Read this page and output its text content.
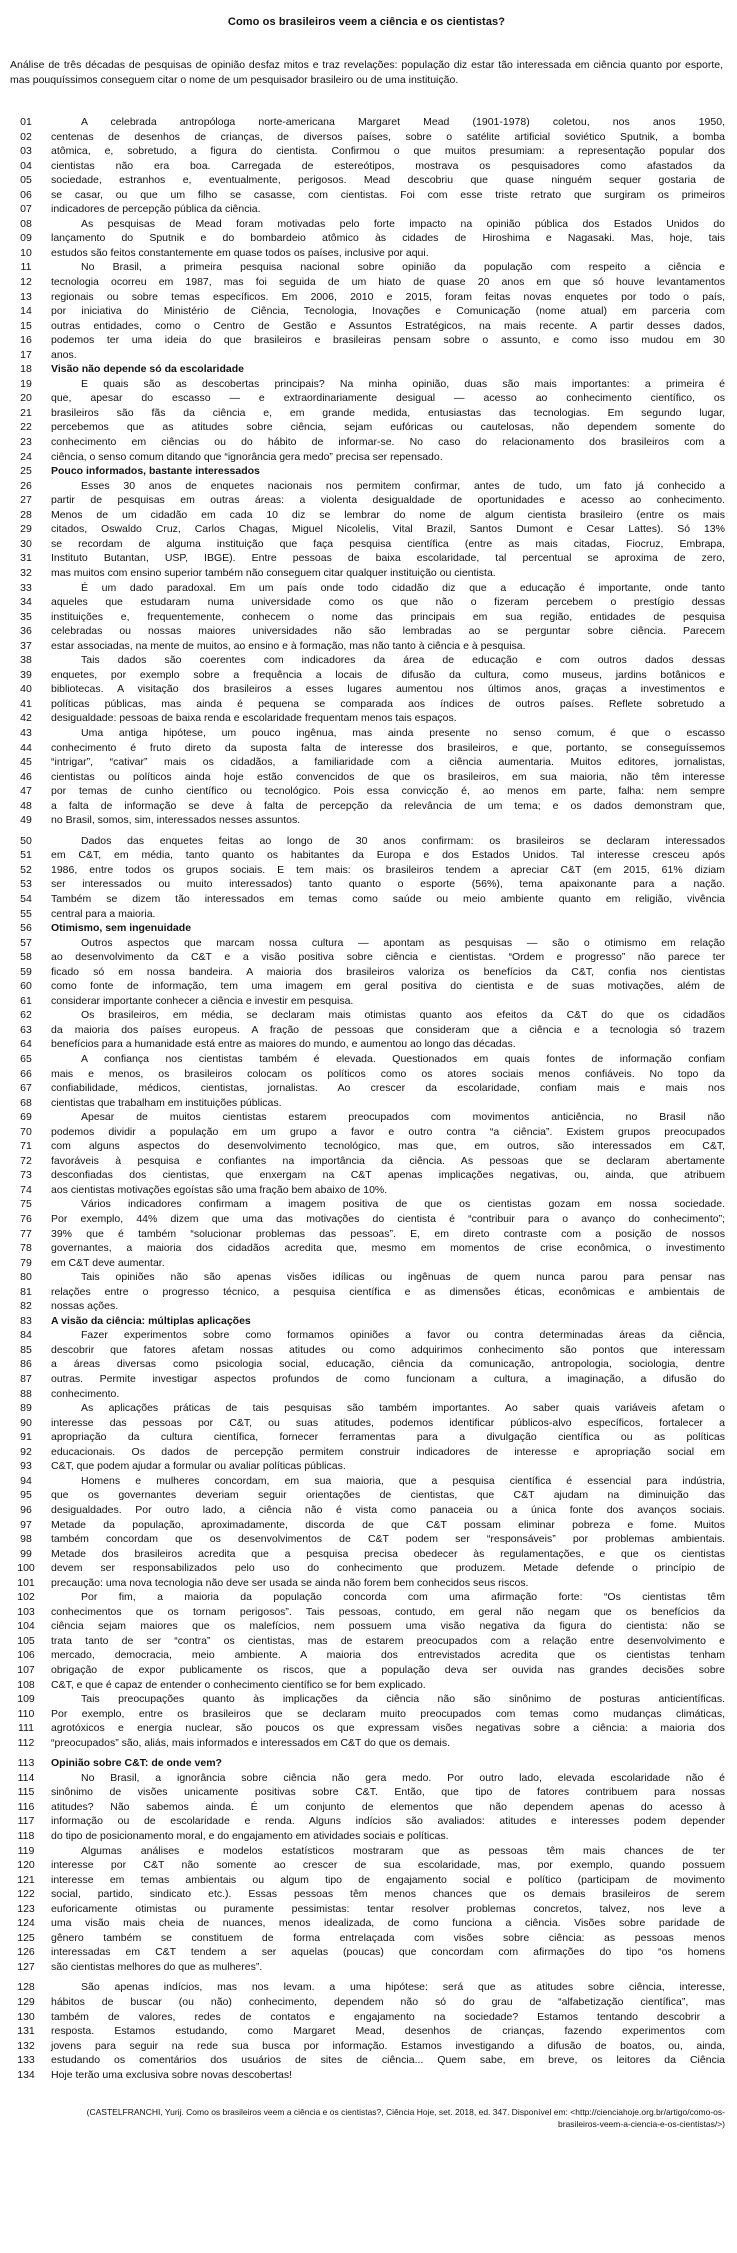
Como os brasileiros veem a ciência e os cientistas?

Análise de três décadas de pesquisas de opinião desfaz mitos e traz revelações: população diz estar tão interessada em ciência quanto por esporte, mas pouquíssimos conseguem citar o nome de um pesquisador brasileiro ou de uma instituição.

01	A celebrada antropóloga norte-americana Margaret Mead (1901-1978) coletou, nos anos 1950,
02	centenas de desenhos de crianças, de diversos países, sobre o satélite artificial soviético Sputnik, a bomba
03	atômica, e, sobretudo, a figura do cientista. Confirmou o que muitos presumiam: a representação popular dos
04	cientistas não era boa. Carregada de estereótipos, mostrava os pesquisadores como afastados da
05	sociedade, estranhos e, eventualmente, perigosos. Mead descobriu que quase ninguém sequer gostaria de
06	se casar, ou que um filho se casasse, com cientistas. Foi com esse triste retrato que surgiram os primeiros
07	indicadores de percepção pública da ciência.
08	As pesquisas de Mead foram motivadas pelo forte impacto na opinião pública dos Estados Unidos do
09	lançamento do Sputnik e do bombardeio atômico às cidades de Hiroshima e Nagasaki. Mas, hoje, tais
10	estudos são feitos constantemente em quase todos os países, inclusive por aqui.
11	No Brasil, a primeira pesquisa nacional sobre opinião da população com respeito a ciência e
12	tecnologia ocorreu em 1987, mas foi seguida de um hiato de quase 20 anos em que só houve levantamentos
13	regionais ou sobre temas específicos. Em 2006, 2010 e 2015, foram feitas novas enquetes por todo o país,
14	por iniciativa do Ministério de Ciência, Tecnologia, Inovações e Comunicação (nome atual) em parceria com
15	outras entidades, como o Centro de Gestão e Assuntos Estratégicos, na mais recente. A partir desses dados,
16	podemos ter uma ideia do que brasileiros e brasileiras pensam sobre o assunto, e como isso mudou em 30
17	anos.
18	Visão não depende só da escolaridade
19	E quais são as descobertas principais? Na minha opinião, duas são mais importantes: a primeira é
20	que, apesar do escasso — e extraordinariamente desigual — acesso ao conhecimento científico, os
21	brasileiros são fãs da ciência e, em grande medida, entusiastas das tecnologias. Em segundo lugar,
22	percebemos que as atitudes sobre ciência, sejam eufóricas ou cautelosas, não dependem somente do
23	conhecimento em ciências ou do hábito de informar-se. No caso do relacionamento dos brasileiros com a
24	ciência, o senso comum ditando que “ignorância gera medo” precisa ser repensado.
25	Pouco informados, bastante interessados
26	Esses 30 anos de enquetes nacionais nos permitem confirmar, antes de tudo, um fato já conhecido a
27	partir de pesquisas em outras áreas: a violenta desigualdade de oportunidades e acesso ao conhecimento.
28	Menos de um cidadão em cada 10 diz se lembrar do nome de algum cientista brasileiro (entre os mais
29	citados, Oswaldo Cruz, Carlos Chagas, Miguel Nicolelis, Vital Brazil, Santos Dumont e Cesar Lattes). Só 13%
30	se recordam de alguma instituição que faça pesquisa científica (entre as mais citadas, Fiocruz, Embrapa,
31	Instituto Butantan, USP, IBGE). Entre pessoas de baixa escolaridade, tal percentual se aproxima de zero,
32	mas muitos com ensino superior também não conseguem citar qualquer instituição ou cientista.
33	É um dado paradoxal. Em um país onde todo cidadão diz que a educação é importante, onde tanto
34	aqueles que estudaram numa universidade como os que não o fizeram percebem o prestígio dessas
35	instituições e, frequentemente, conhecem o nome das principais em sua região, entidades de pesquisa
36	celebradas ou nossas maiores universidades não são lembradas ao se perguntar sobre ciência. Parecem
37	estar associadas, na mente de muitos, ao ensino e à formação, mas não tanto à ciência e à pesquisa.
38	Tais dados são coerentes com indicadores da área de educação e com outros dados dessas
39	enquetes, por exemplo sobre a frequência a locais de difusão da cultura, como museus, jardins botânicos e
40	bibliotecas. A visitação dos brasileiros a esses lugares aumentou nos últimos anos, graças a investimentos e
41	políticas públicas, mas ainda é pequena se comparada aos índices de outros países. Reflete sobretudo a
42	desigualdade: pessoas de baixa renda e escolaridade frequentam menos tais espaços.
43	Uma antiga hipótese, um pouco ingênua, mas ainda presente no senso comum, é que o escasso
44	conhecimento é fruto direto da suposta falta de interesse dos brasileiros, e que, portanto, se conseguíssemos
45	“intrigar”, “cativar” mais os cidadãos, a familiaridade com a ciência aumentaria. Muitos editores, jornalistas,
46	cientistas ou políticos ainda hoje estão convencidos de que os brasileiros, em sua maioria, não têm interesse
47	por temas de cunho científico ou tecnológico. Pois essa convicção é, ao menos em parte, falha: nem sempre
48	a falta de informação se deve à falta de percepção da relevância de um tema; e os dados demonstram que,
49	no Brasil, somos, sim, interessados nesses assuntos.
50	Dados das enquetes feitas ao longo de 30 anos confirmam: os brasileiros se declaram interessados
51	em C&T, em média, tanto quanto os habitantes da Europa e dos Estados Unidos. Tal interesse cresceu após
52	1986, entre todos os grupos sociais. E tem mais: os brasileiros tendem a apreciar C&T (em 2015, 61% diziam
53	ser interessados ou muito interessados) tanto quanto o esporte (56%), tema apaixonante para a nação.
54	Também se dizem tão interessados em temas como saúde ou meio ambiente quanto em religião, vivência
55	central para a maioria.
56	Otimismo, sem ingenuidade
57	Outros aspectos que marcam nossa cultura — apontam as pesquisas — são o otimismo em relação
58	ao desenvolvimento da C&T e a visão positiva sobre ciência e cientistas. “Ordem e progresso” não parece ter
59	ficado só em nossa bandeira. A maioria dos brasileiros valoriza os benefícios da C&T, confia nos cientistas
60	como fonte de informação, tem uma imagem em geral positiva do cientista e de suas motivações, além de
61	considerar importante conhecer a ciência e investir em pesquisa.
62	Os brasileiros, em média, se declaram mais otimistas quanto aos efeitos da C&T do que os cidadãos
63	da maioria dos países europeus. A fração de pessoas que consideram que a ciência e a tecnologia só trazem
64	benefícios para a humanidade está entre as maiores do mundo, e aumentou ao longo das décadas.
65	A confiança nos cientistas também é elevada. Questionados em quais fontes de informação confiam
66	mais e menos, os brasileiros colocam os políticos como os atores sociais menos confiáveis. No topo da
67	confiabilidade, médicos, cientistas, jornalistas. Ao crescer da escolaridade, confiam mais e mais nos
68	cientistas que trabalham em instituições públicas.
69	Apesar de muitos cientistas estarem preocupados com movimentos anticiência, no Brasil não
70	podemos dividir a população em um grupo a favor e outro contra “a ciência”. Existem grupos preocupados
71	com alguns aspectos do desenvolvimento tecnológico, mas que, em outros, são interessados em C&T,
72	favoráveis à pesquisa e confiantes na importância da ciência. As pessoas que se declaram abertamente
73	desconfiadas dos cientistas, que enxergam na C&T apenas implicações negativas, ou, ainda, que atribuem
74	aos cientistas motivações egoístas são uma fração bem abaixo de 10%.
75	Vários indicadores confirmam a imagem positiva de que os cientistas gozam em nossa sociedade.
76	Por exemplo, 44% dizem que uma das motivações do cientista é “contribuir para o avanço do conhecimento”;
77	39% que é também “solucionar problemas das pessoas”. E, em direto contraste com a posição de nossos
78	governantes, a maioria dos cidadãos acredita que, mesmo em momentos de crise econômica, o investimento
79	em C&T deve aumentar.
80	Tais opiniões não são apenas visões idílicas ou ingênuas de quem nunca parou para pensar nas
81	relações entre o progresso técnico, a pesquisa científica e as dimensões éticas, econômicas e ambientais de
82	nossas ações.
83	A visão da ciência: múltiplas aplicações
84	Fazer experimentos sobre como formamos opiniões a favor ou contra determinadas áreas da ciência,
85	descobrir que fatores afetam nossas atitudes ou como adquirimos conhecimento são pontos que interessam
86	a áreas diversas como psicologia social, educação, ciência da comunicação, antropologia, sociologia, dentre
87	outras. Permite investigar aspectos profundos de como funcionam a cultura, a imaginação, a difusão do
88	conhecimento.
89	As aplicações práticas de tais pesquisas são também importantes. Ao saber quais variáveis afetam o
90	interesse das pessoas por C&T, ou suas atitudes, podemos identificar públicos-alvo específicos, fortalecer a
91	apropriação da cultura científica, fornecer ferramentas para a divulgação científica ou as políticas
92	educacionais. Os dados de percepção permitem construir indicadores de interesse e apropriação social em
93	C&T, que podem ajudar a formular ou avaliar políticas públicas.
94	Homens e mulheres concordam, em sua maioria, que a pesquisa científica é essencial para indústria,
95	que os governantes deveriam seguir orientações de cientistas, que C&T ajudam na diminuição das
96	desigualdades. Por outro lado, a ciência não é vista como panaceia ou a única fonte dos avanços sociais.
97	Metade da população, aproximadamente, discorda de que C&T possam eliminar pobreza e fome. Muitos
98	também concordam que os desenvolvimentos de C&T podem ser “responsáveis” por problemas ambientais.
99	Metade dos brasileiros acredita que a pesquisa precisa obedecer às regulamentações, e que os cientistas
100	devem ser responsabilizados pelo uso do conhecimento que produzem. Metade defende o princípio de
101	precaução: uma nova tecnologia não deve ser usada se ainda não forem bem conhecidos seus riscos.
102	Por fim, a maioria da população concorda com uma afirmação forte: “Os cientistas têm
103	conhecimentos que os tornam perigosos”. Tais pessoas, contudo, em geral não negam que os benefícios da
104	ciência sejam maiores que os malefícios, nem possuem uma visão negativa da figura do cientista: não se
105	trata tanto de ser “contra” os cientistas, mas de estarem preocupados com a relação entre desenvolvimento e
106	mercado, democracia, meio ambiente. A maioria dos entrevistados acredita que os cientistas tenham
107	obrigação de expor publicamente os riscos, que a população deva ser ouvida nas grandes decisões sobre
108	C&T, e que é capaz de entender o conhecimento científico se for bem explicado.
109	Tais preocupações quanto às implicações da ciência não são sinônimo de posturas anticientíficas.
110	Por exemplo, entre os brasileiros que se declaram muito preocupados com temas como mudanças climáticas,
111	agrotóxicos e energia nuclear, são poucos os que expressam visões negativas sobre a ciência: a maioria dos
112	“preocupados” são, aliás, mais informados e interessados em C&T do que os demais.
113	Opinião sobre C&T: de onde vem?
114	No Brasil, a ignorância sobre ciência não gera medo. Por outro lado, elevada escolaridade não é
115	sinônimo de visões unicamente positivas sobre C&T. Então, que tipo de fatores contribuem para nossas
116	atitudes? Não sabemos ainda. É um conjunto de elementos que não dependem apenas do acesso à
117	informação ou de escolaridade e renda. Alguns indícios são avaliados: atitudes e interesses podem depender
118	do tipo de posicionamento moral, e do engajamento em atividades sociais e políticas.
119	Algumas análises e modelos estatísticos mostraram que as pessoas têm mais chances de ter
120	interesse por C&T não somente ao crescer de sua escolaridade, mas, por exemplo, quando possuem
121	interesse em temas ambientais ou algum tipo de engajamento social e político (participam de movimento
122	social, partido, sindicato etc.). Essas pessoas têm menos chances que os demais brasileiros de serem
123	euforicamente otimistas ou puramente pessimistas: tentar resolver problemas concretos, talvez, nos leve a
124	uma visão mais cheia de nuances, menos idealizada, de como funciona a ciência. Visões sobre paridade de
125	gênero também se constituem de forma entrelaçada com visões sobre ciência: as pessoas menos
126	interessadas em C&T tendem a ser aquelas (poucas) que concordam com afirmações do tipo “os homens
127	são cientistas melhores do que as mulheres”.
128	São apenas indícios, mas nos levam. a uma hipótese: será que as atitudes sobre ciência, interesse,
129	hábitos de buscar (ou não) conhecimento, dependem não só do grau de “alfabetização científica”, mas
130	também de valores, redes de contatos e engajamento na sociedade? Estamos tentando descobrir a
131	resposta. Estamos estudando, como Margaret Mead, desenhos de crianças, fazendo experimentos com
132	jovens para seguir na rede sua busca por informação. Estamos investigando a difusão de boatos, ou, ainda,
133	estudando os comentários dos usuários de sites de ciência... Quem sabe, em breve, os leitores da Ciência
134	Hoje terão uma exclusiva sobre novas descobertas!

(CASTELFRANCHI, Yurij. Como os brasileiros veem a ciência e os cientistas?, Ciência Hoje, set. 2018, ed. 347. Disponível em: <http://cienciahoje.org.br/artigo/como-os-brasileiros-veem-a-ciencia-e-os-cientistas/>)
